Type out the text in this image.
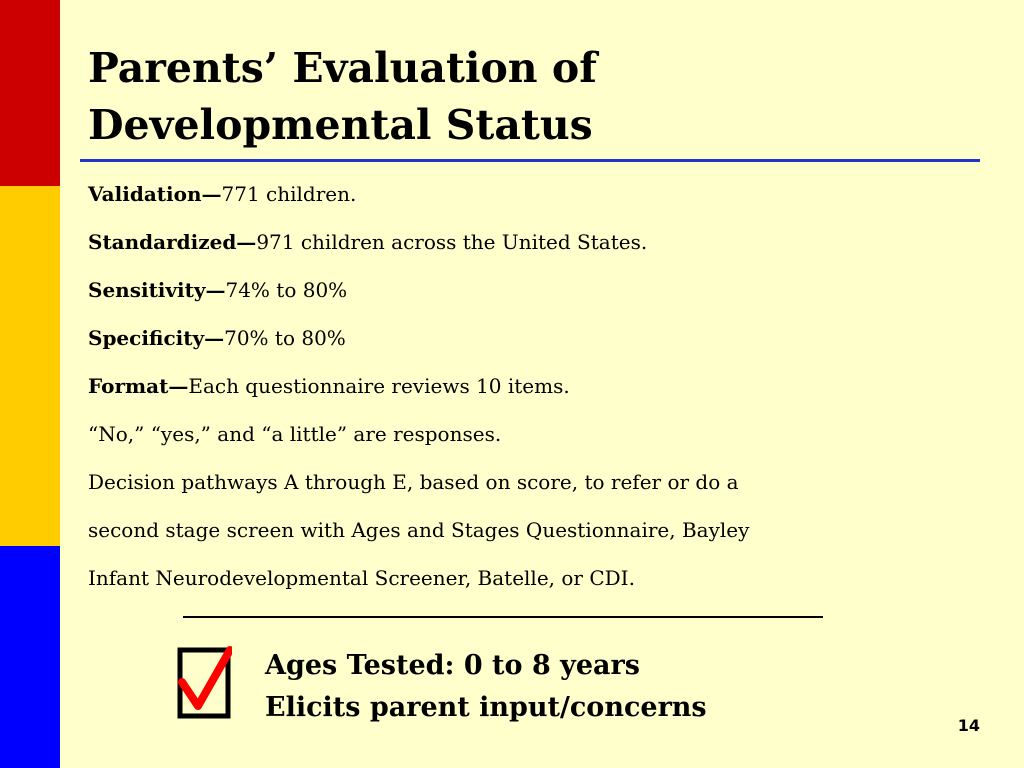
Parents’ Evaluation of
Developmental Status
Validation—771 children.
Standardized—971 children across the United States.
Sensitivity—74% to 80%
Specificity—70% to 80%
Format—Each questionnaire reviews 10 items.
“No,” “yes,” and “a little” are responses.
Decision pathways A through E, based on score, to refer or do a
second stage screen with Ages and Stages Questionnaire, Bayley
Infant Neurodevelopmental Screener, Batelle, or CDI.
Ages Tested: 0 to 8 years
Elicits parent input/concerns
14
